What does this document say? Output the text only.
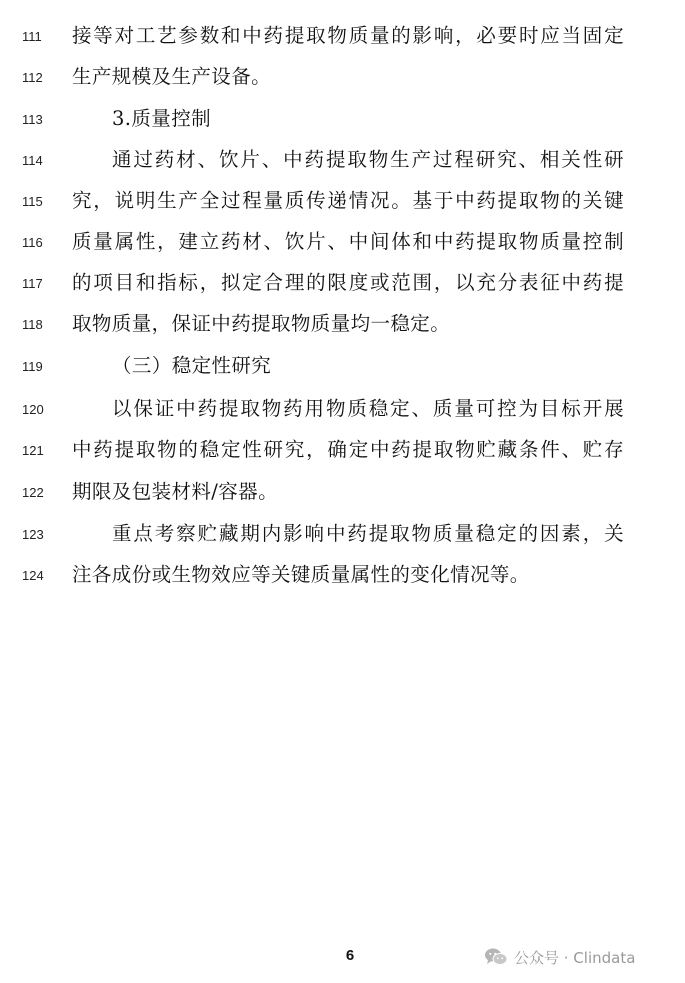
111	接等对工艺参数和中药提取物质量的影响，必要时应当固定
112	生产规模及生产设备。
113	3.质量控制
114	通过药材、饮片、中药提取物生产过程研究、相关性研
115	究，说明生产全过程量质传递情况。基于中药提取物的关键
116	质量属性，建立药材、饮片、中间体和中药提取物质量控制
117	的项目和指标，拟定合理的限度或范围，以充分表征中药提
118	取物质量，保证中药提取物质量均一稳定。
119	（三）稳定性研究
120	以保证中药提取物药用物质稳定、质量可控为目标开展
121	中药提取物的稳定性研究，确定中药提取物贮藏条件、贮存
122	期限及包装材料/容器。
123	重点考察贮藏期内影响中药提取物质量稳定的因素，关
124	注各成份或生物效应等关键质量属性的变化情况等。
6	公众号 · Clindata
